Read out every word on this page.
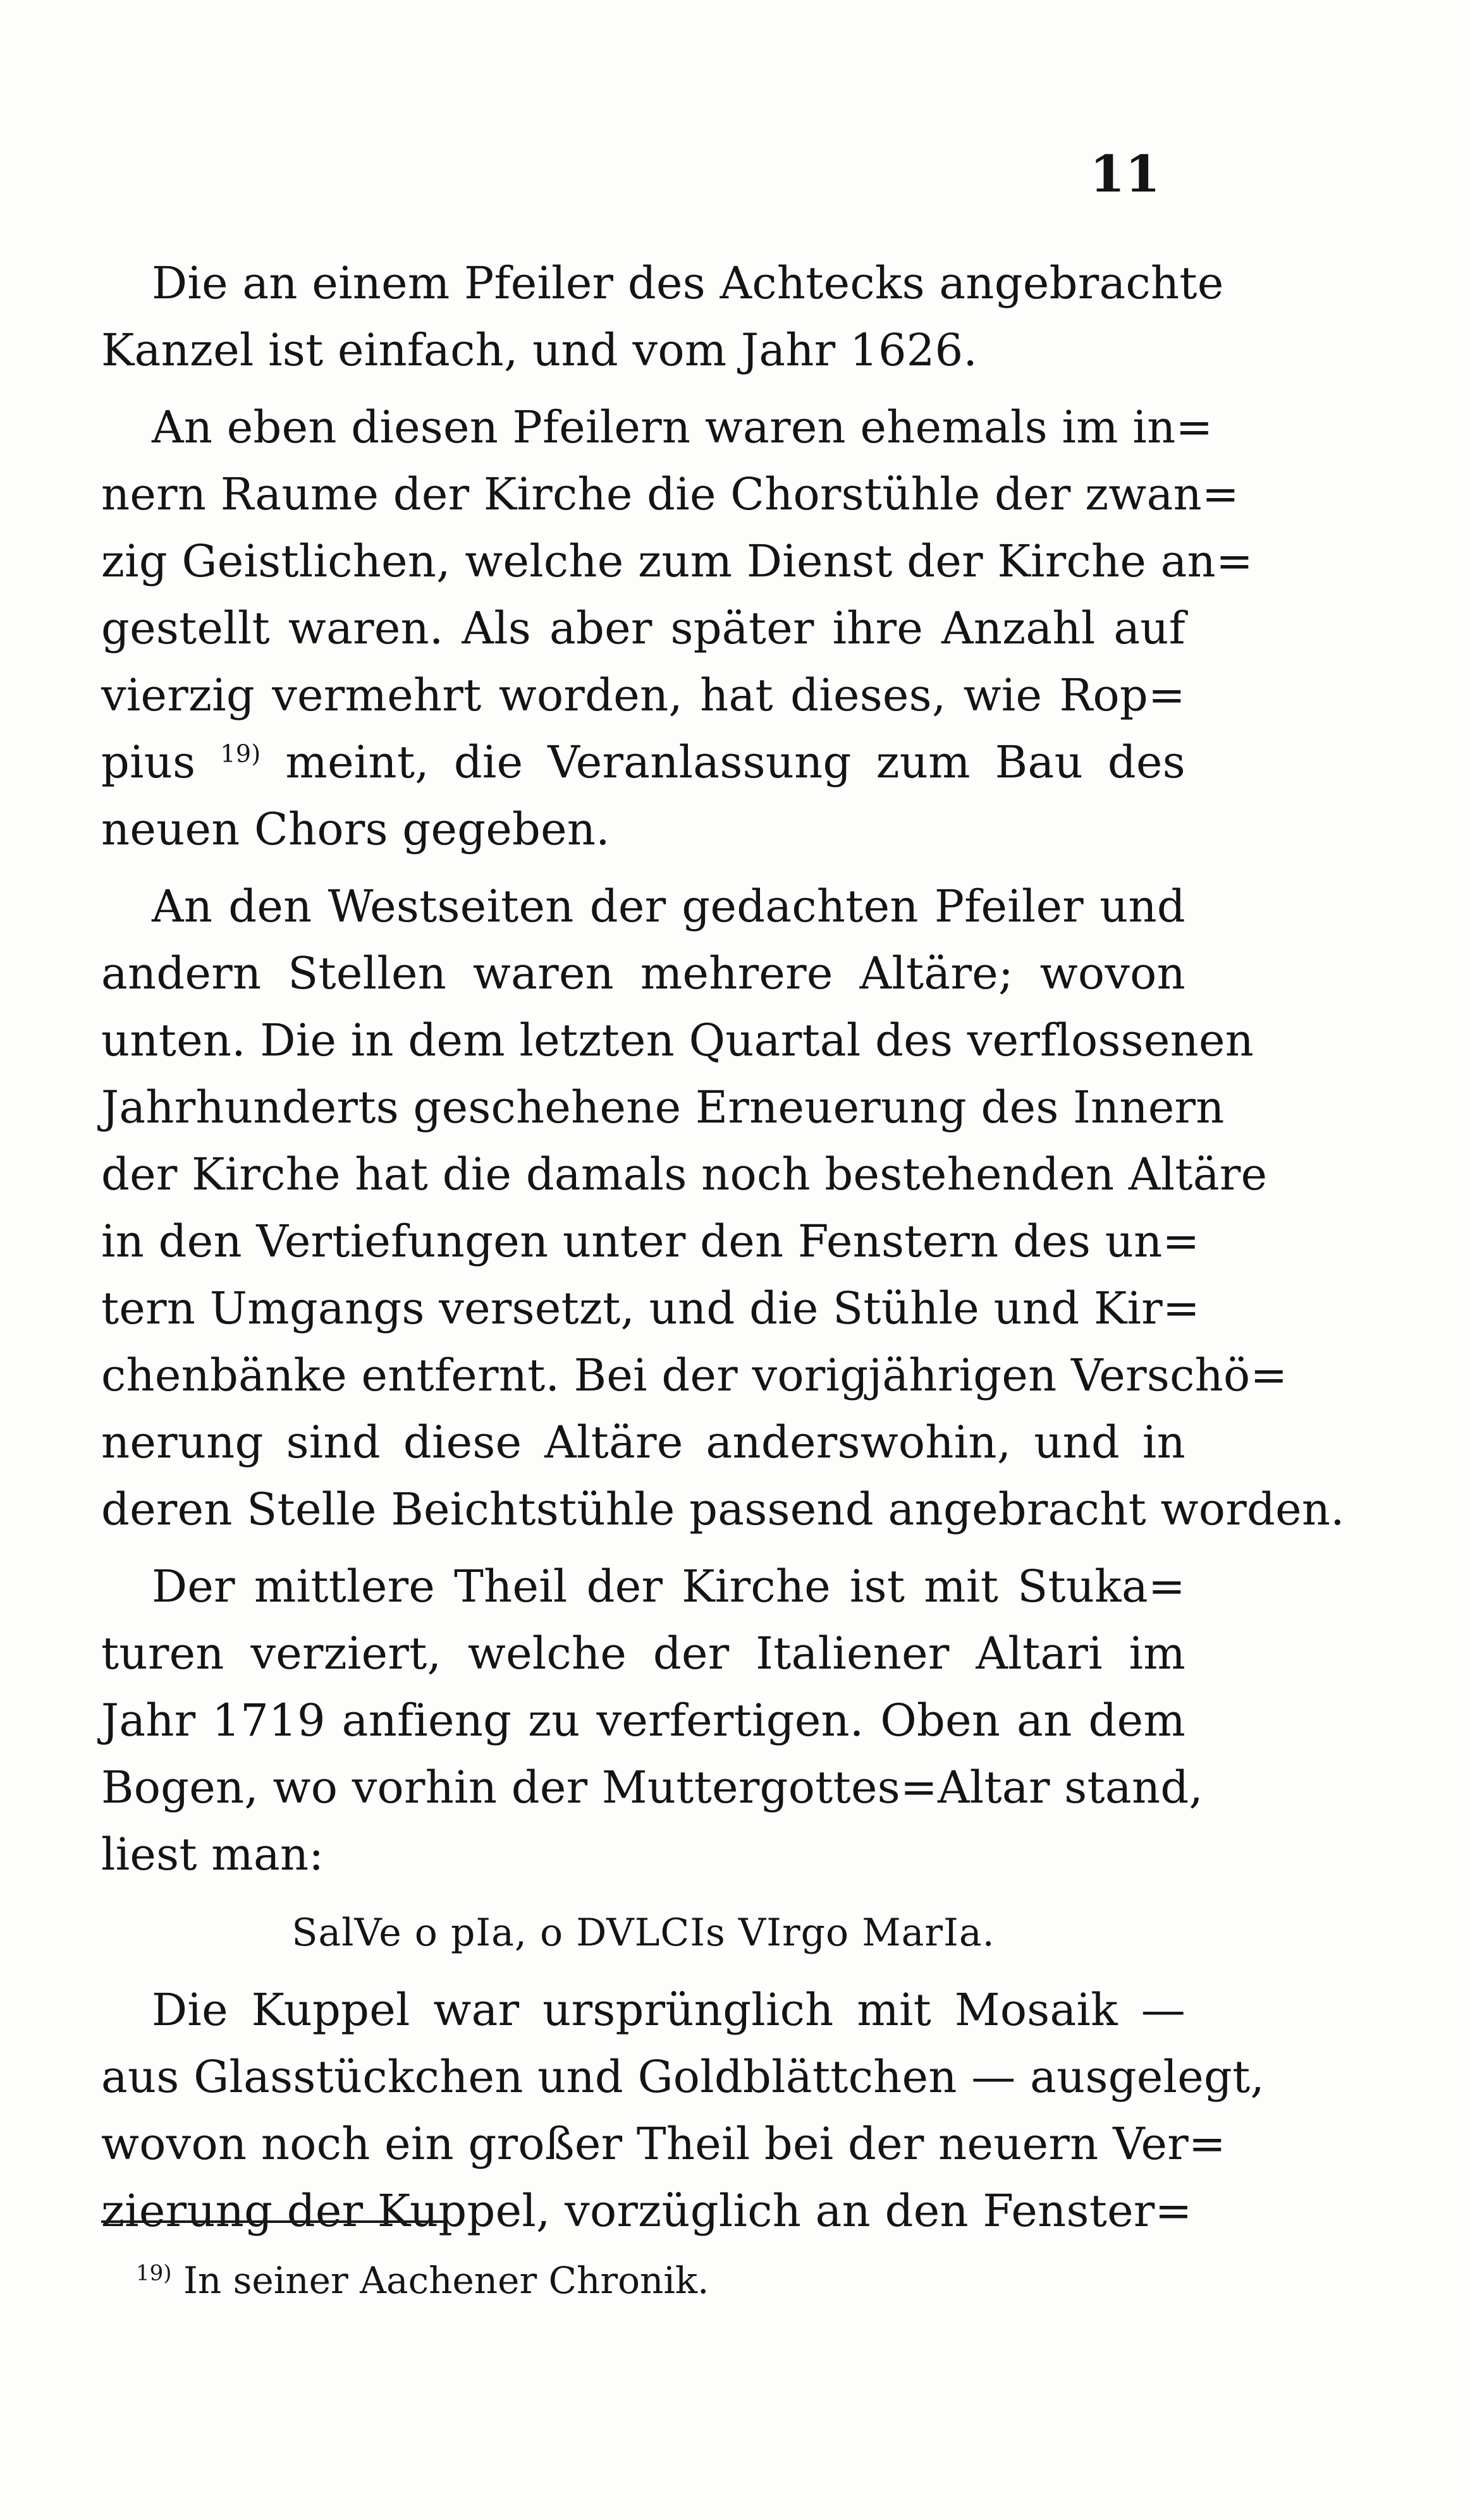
11
Die an einem Pfeiler des Achtecks angebrachte
Kanzel ist einfach, und vom Jahr 1626.
An eben diesen Pfeilern waren ehemals im in=
nern Raume der Kirche die Chorstühle der zwan=
zig Geistlichen, welche zum Dienst der Kirche an=
gestellt waren. Als aber später ihre Anzahl auf
vierzig vermehrt worden, hat dieses, wie Rop=
pius $^{19)}$ meint, die Veranlassung zum Bau des
neuen Chors gegeben.
An den Westseiten der gedachten Pfeiler und
andern Stellen waren mehrere Altäre; wovon
unten. Die in dem letzten Quartal des verflossenen
Jahrhunderts geschehene Erneuerung des Innern
der Kirche hat die damals noch bestehenden Altäre
in den Vertiefungen unter den Fenstern des un=
tern Umgangs versetzt, und die Stühle und Kir=
chenbänke entfernt. Bei der vorigjährigen Verschö=
nerung sind diese Altäre anderswohin, und in
deren Stelle Beichtstühle passend angebracht worden.
Der mittlere Theil der Kirche ist mit Stuka=
turen verziert, welche der Italiener Altari im
Jahr 1719 anfieng zu verfertigen. Oben an dem
Bogen, wo vorhin der Muttergottes=Altar stand,
liest man:
SalVe o pIa, o DVLCIs VIrgo MarIa.
Die Kuppel war ursprünglich mit Mosaik —
aus Glasstückchen und Goldblättchen — ausgelegt,
wovon noch ein großer Theil bei der neuern Ver=
zierung der Kuppel, vorzüglich an den Fenster=
$^{19)}$ In seiner Aachener Chronik.
